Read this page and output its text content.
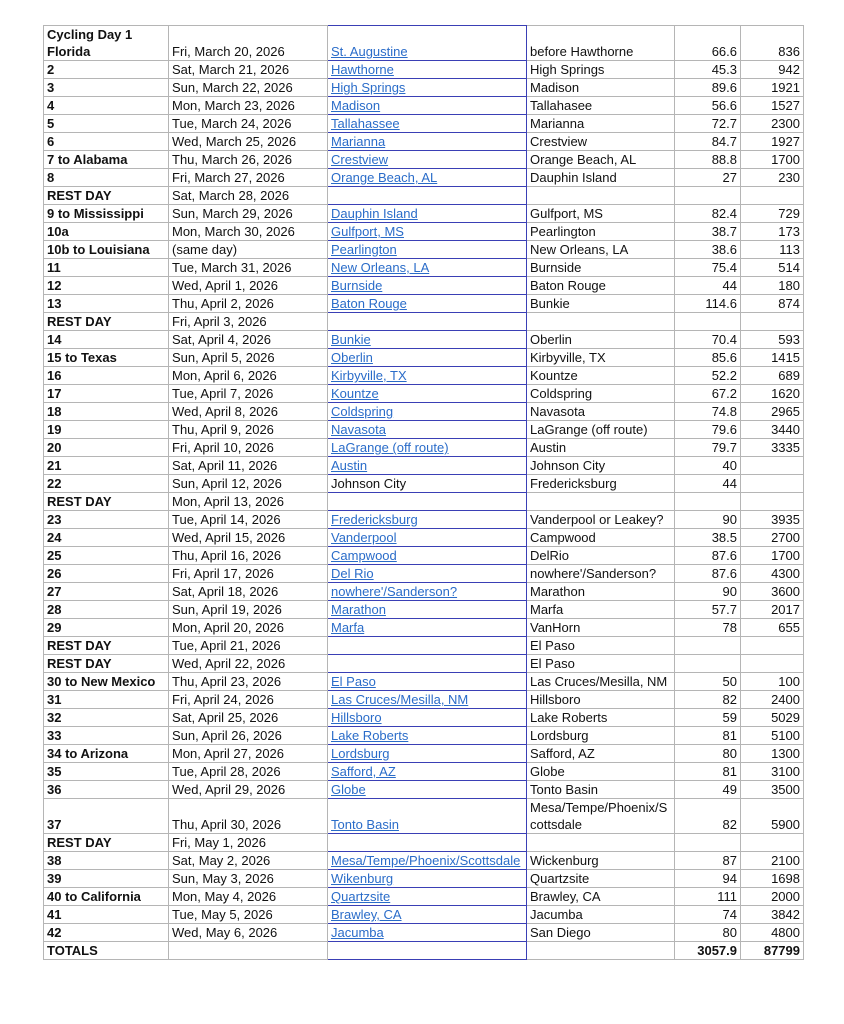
Cycling Day 1 Florida	Fri, March 20, 2026	St. Augustine	before Hawthorne	66.6	836
2	Sat, March 21, 2026	Hawthorne	High Springs	45.3	942
3	Sun, March 22, 2026	High Springs	Madison	89.6	1921
4	Mon, March 23, 2026	Madison	Tallahasee	56.6	1527
5	Tue, March 24, 2026	Tallahassee	Marianna	72.7	2300
6	Wed, March 25, 2026	Marianna	Crestview	84.7	1927
7 to Alabama	Thu, March 26, 2026	Crestview	Orange Beach, AL	88.8	1700
8	Fri, March 27, 2026	Orange Beach, AL	Dauphin Island	27	230
REST DAY	Sat, March 28, 2026				
9 to Mississippi	Sun, March 29, 2026	Dauphin Island	Gulfport, MS	82.4	729
10a	Mon, March 30, 2026	Gulfport, MS	Pearlington	38.7	173
10b to Louisiana	(same day)	Pearlington	New Orleans, LA	38.6	113
11	Tue, March 31, 2026	New Orleans, LA	Burnside	75.4	514
12	Wed, April 1, 2026	Burnside	Baton Rouge	44	180
13	Thu, April 2, 2026	Baton Rouge	Bunkie	114.6	874
REST DAY	Fri, April 3, 2026				
14	Sat, April 4, 2026	Bunkie	Oberlin	70.4	593
15 to Texas	Sun, April 5, 2026	Oberlin	Kirbyville, TX	85.6	1415
16	Mon, April 6, 2026	Kirbyville, TX	Kountze	52.2	689
17	Tue, April 7, 2026	Kountze	Coldspring	67.2	1620
18	Wed, April 8, 2026	Coldspring	Navasota	74.8	2965
19	Thu, April 9, 2026	Navasota	LaGrange (off route)	79.6	3440
20	Fri, April 10, 2026	LaGrange (off route)	Austin	79.7	3335
21	Sat, April 11, 2026	Austin	Johnson City	40	
22	Sun, April 12, 2026	Johnson City	Fredericksburg	44	
REST DAY	Mon, April 13, 2026				
23	Tue, April 14, 2026	Fredericksburg	Vanderpool or Leakey?	90	3935
24	Wed, April 15, 2026	Vanderpool	Campwood	38.5	2700
25	Thu, April 16, 2026	Campwood	DelRio	87.6	1700
26	Fri, April 17, 2026	Del Rio	nowhere'/Sanderson?	87.6	4300
27	Sat, April 18, 2026	nowhere'/Sanderson?	Marathon	90	3600
28	Sun, April 19, 2026	Marathon	Marfa	57.7	2017
29	Mon, April 20, 2026	Marfa	VanHorn	78	655
REST DAY	Tue, April 21, 2026		El Paso		
REST DAY	Wed, April 22, 2026		El Paso		
30 to New Mexico	Thu, April 23, 2026	El Paso	Las Cruces/Mesilla, NM	50	100
31	Fri, April 24, 2026	Las Cruces/Mesilla, NM	Hillsboro	82	2400
32	Sat, April 25, 2026	Hillsboro	Lake Roberts	59	5029
33	Sun, April 26, 2026	Lake Roberts	Lordsburg	81	5100
34 to Arizona	Mon, April 27, 2026	Lordsburg	Safford, AZ	80	1300
35	Tue, April 28, 2026	Safford, AZ	Globe	81	3100
36	Wed, April 29, 2026	Globe	Tonto Basin	49	3500
37	Thu, April 30, 2026	Tonto Basin	Mesa/Tempe/Phoenix/Scottsdale	82	5900
REST DAY	Fri, May 1, 2026				
38	Sat, May 2, 2026	Mesa/Tempe/Phoenix/Scottsdale	Wickenburg	87	2100
39	Sun, May 3, 2026	Wikenburg	Quartzsite	94	1698
40 to California	Mon, May 4, 2026	Quartzsite	Brawley, CA	111	2000
41	Tue, May 5, 2026	Brawley, CA	Jacumba	74	3842
42	Wed, May 6, 2026	Jacumba	San Diego	80	4800
TOTALS				3057.9	87799
